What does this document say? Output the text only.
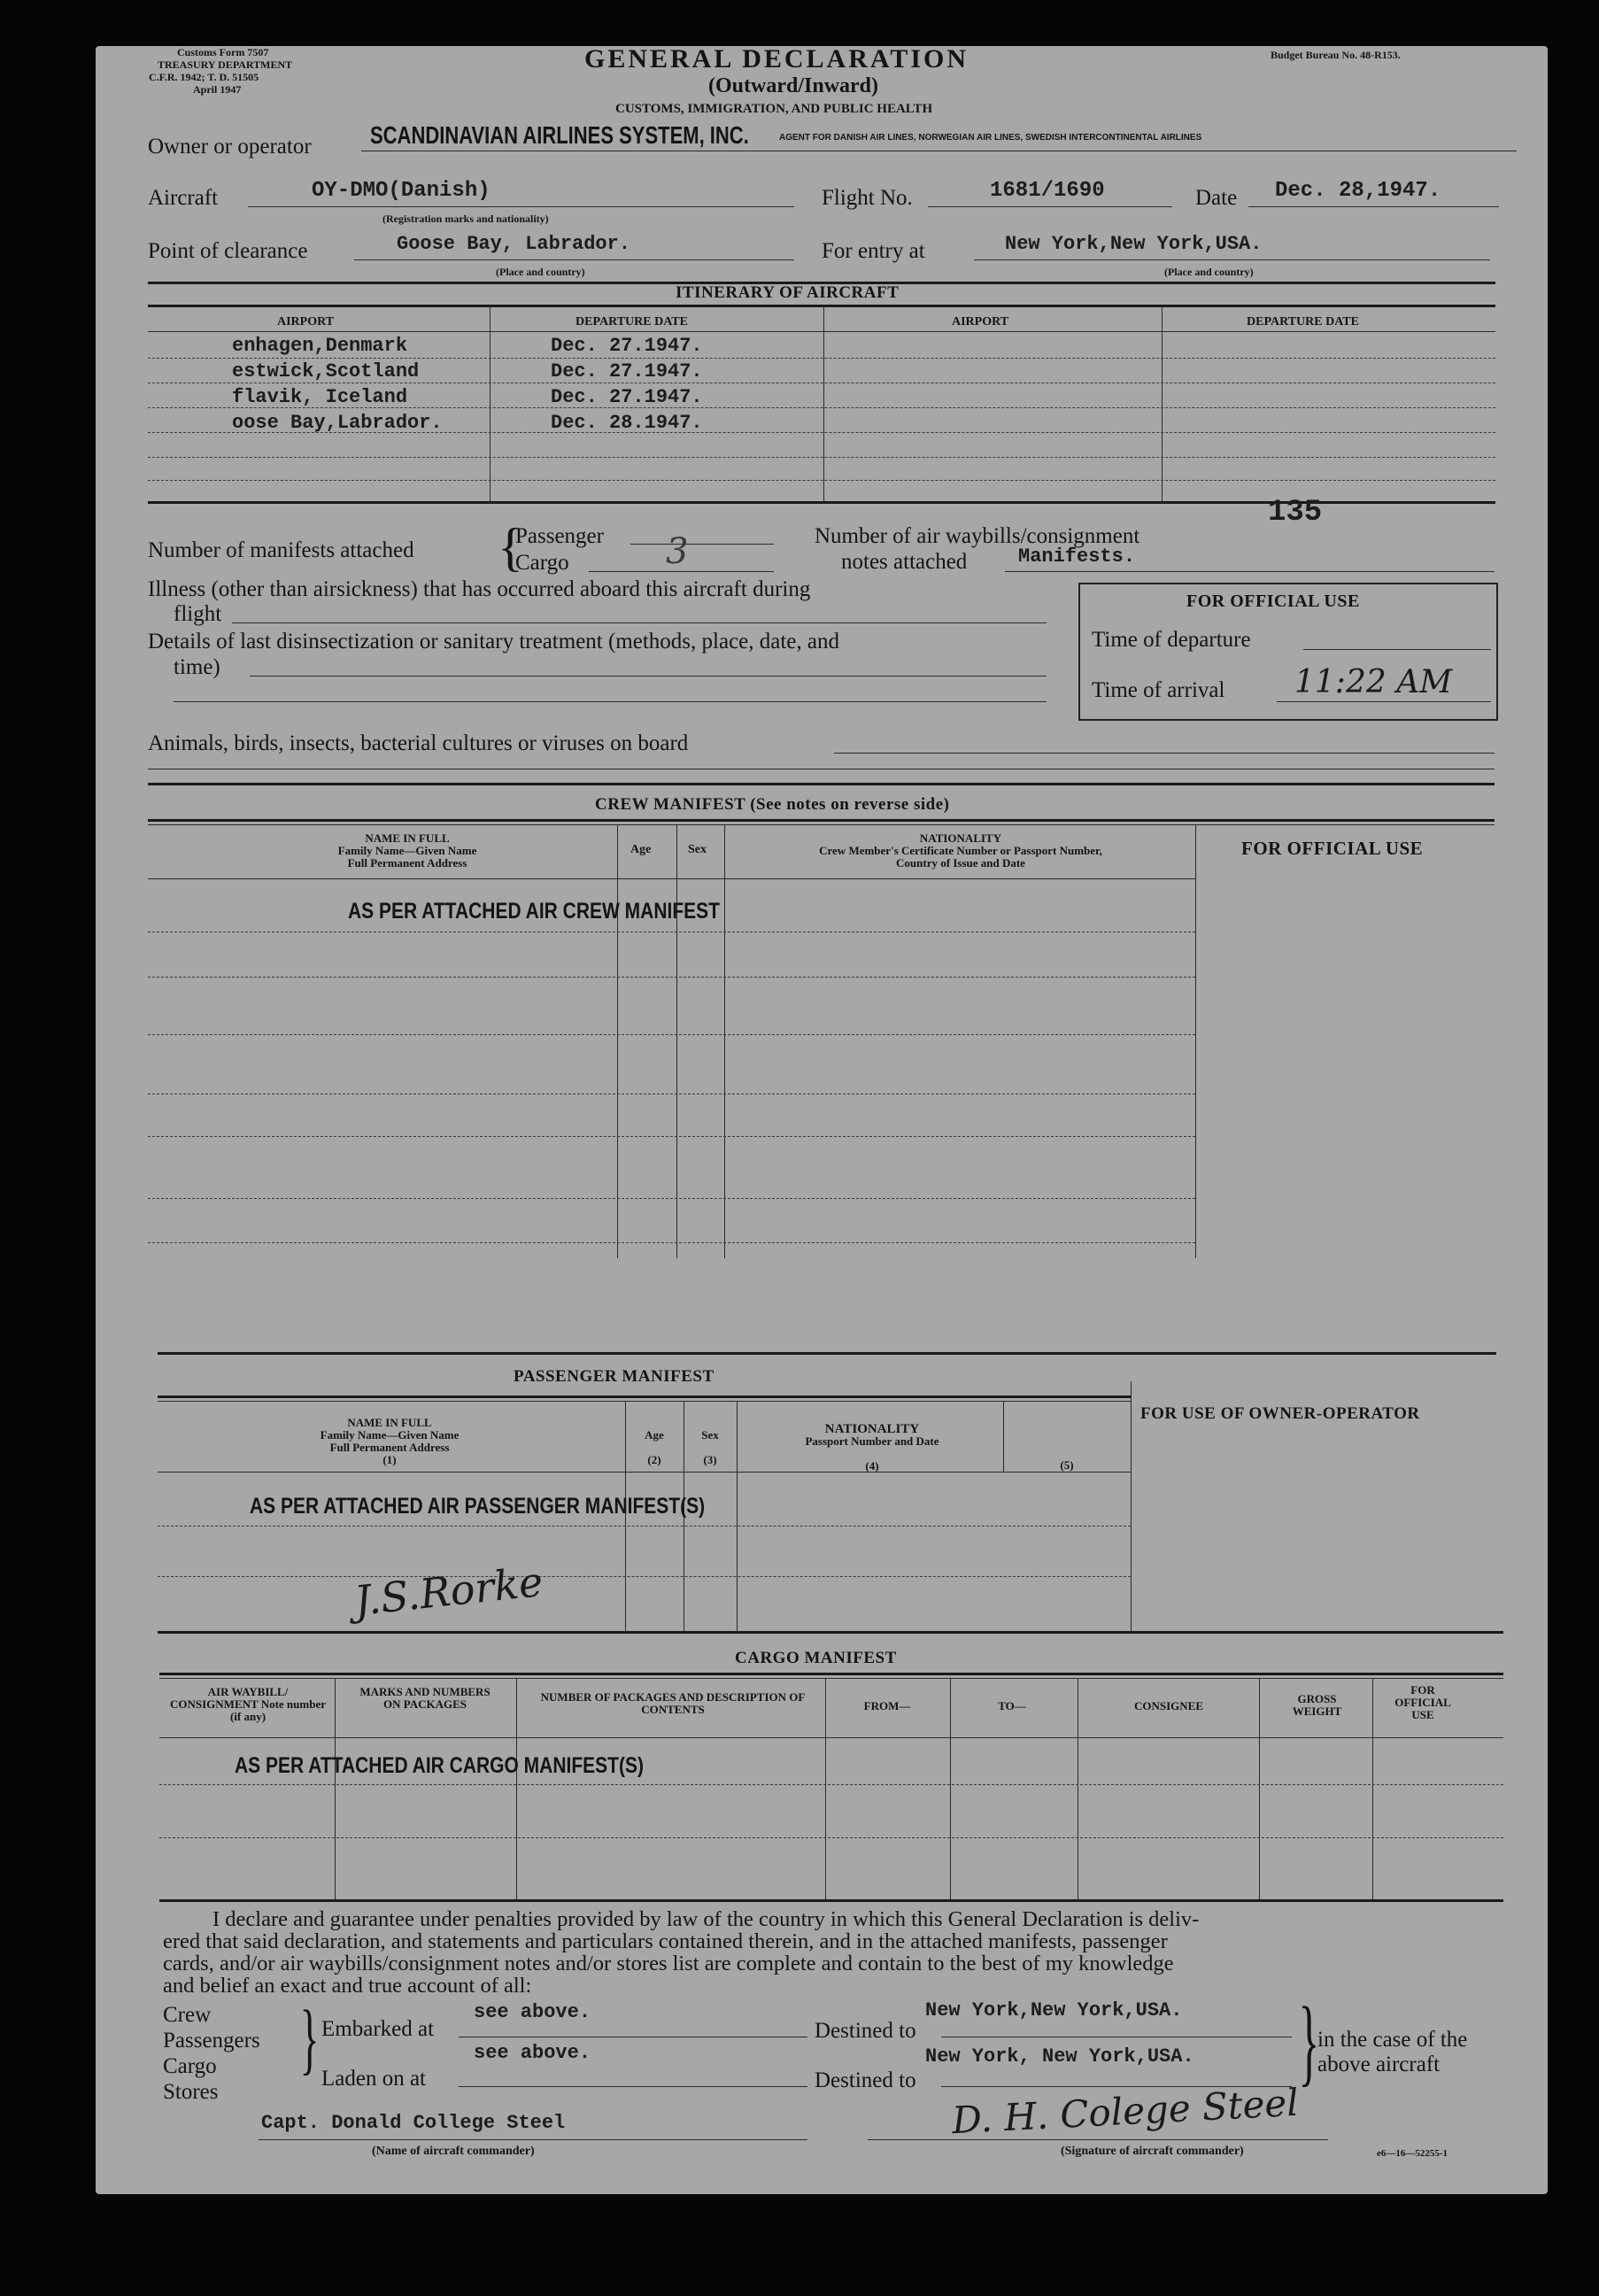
Customs Form 7507
TREASURY DEPARTMENT
C.F.R. 1942; T. D. 51505
April 1947
GENERAL DECLARATION
(Outward/Inward)
CUSTOMS, IMMIGRATION, AND PUBLIC HEALTH
Budget Bureau No. 48-R153.
Owner or operator	SCANDINAVIAN AIRLINES SYSTEM, INC.	AGENT FOR DANISH AIR LINES, NORWEGIAN AIR LINES, SWEDISH INTERCONTINENTAL AIRLINES
Aircraft	OY-DMO(Danish)
(Registration marks and nationality)
Flight No.	1681/1690	Date Dec. 28,1947.
Point of clearance	Goose Bay, Labrador.
(Place and country)
For entry at	New York,New York,USA.
(Place and country)
ITINERARY OF AIRCRAFT
AIRPORT	DEPARTURE DATE	AIRPORT	DEPARTURE DATE
enhagen,Denmark	Dec. 27.1947.
estwick,Scotland	Dec. 27.1947.
flavik, Iceland	Dec. 27.1947.
oose Bay,Labrador.	Dec. 28.1947.
Number of manifests attached {
Passenger
Cargo	3	Number of air waybills/consignment
notes attached	Manifests.
135
Illness (other than airsickness) that has occurred aboard this aircraft during
flight
Details of last disinsectization or sanitary treatment (methods, place, date, and
time)
FOR OFFICIAL USE
Time of departure
Time of arrival 11:22 AM
Animals, birds, insects, bacterial cultures or viruses on board
CREW MANIFEST (See notes on reverse side)
NAME IN FULL
Family Name—Given Name
Full Permanent Address
Age	Sex
NATIONALITY
Crew Member's Certificate Number or Passport Number,
Country of Issue and Date
FOR OFFICIAL USE
AS PER ATTACHED AIR CREW MANIFEST
PASSENGER MANIFEST
NAME IN FULL
Family Name—Given Name
Full Permanent Address
(1)
Age

(2)
Sex

(3)
NATIONALITY
Passport Number and Date

(4)	(5)
FOR USE OF OWNER-OPERATOR
AS PER ATTACHED AIR PASSENGER MANIFEST(S)
J.S.Rorke
CARGO MANIFEST
AIR WAYBILL/ CONSIGNMENT Note number (if any)
MARKS AND NUMBERS ON PACKAGES
NUMBER OF PACKAGES AND DESCRIPTION OF CONTENTS	FROM—	TO—	CONSIGNEE
GROSS WEIGHT
FOR OFFICIAL USE
AS PER ATTACHED AIR CARGO MANIFEST(S)
I declare and guarantee under penalties provided by law of the country in which this General Declaration is deliv-
ered that said declaration, and statements and particulars contained therein, and in the attached manifests, passenger
cards, and/or air waybills/consignment notes and/or stores list are complete and contain to the best of my knowledge
and belief an exact and true account of all:
Crew
Passengers
Cargo
Stores
} Embarked at
see above.
Laden on at
see above.
Destined to
New York,New York,USA.
Destined to
New York, New York,USA. }
in the case of the
above aircraft
Capt. Donald College Steel
(Name of aircraft commander)
D. H. Colege Steel
(Signature of aircraft commander)	e6—16—52255-1
